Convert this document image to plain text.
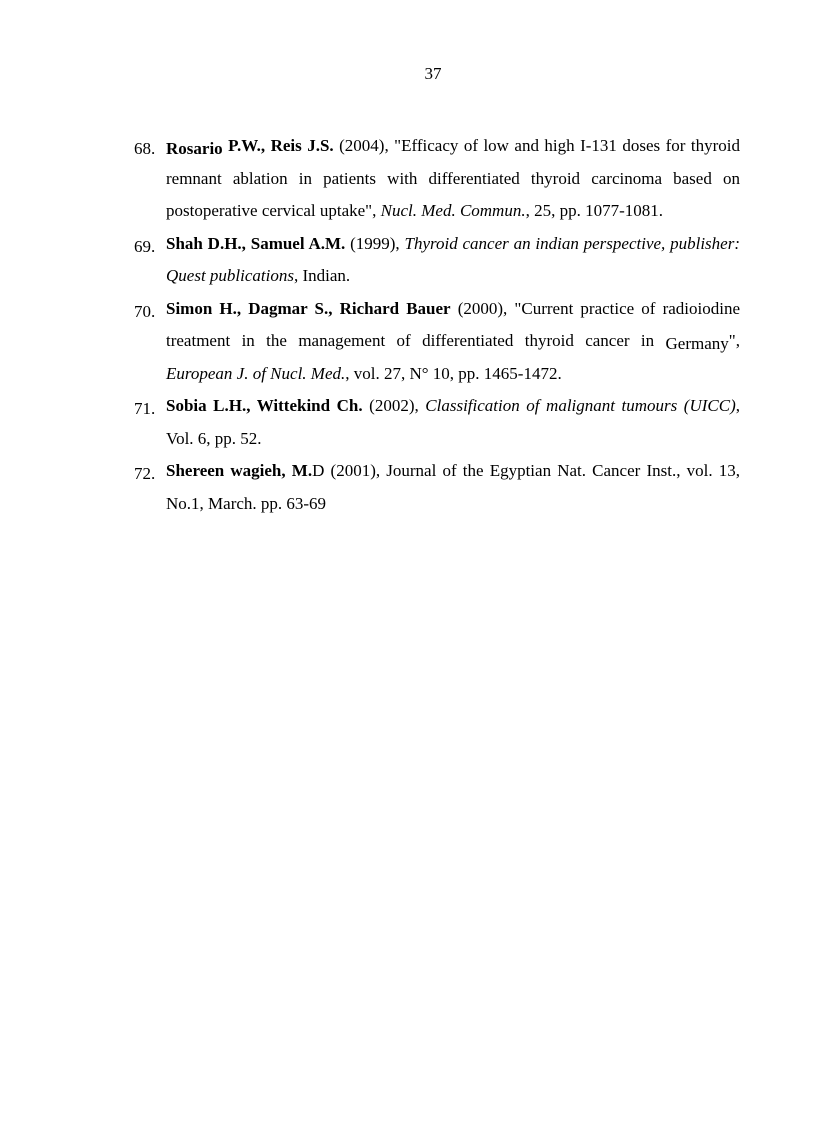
37
68. Rosario P.W., Reis J.S. (2004), "Efficacy of low and high I-131 doses for thyroid remnant ablation in patients with differentiated thyroid carcinoma based on postoperative cervical uptake", Nucl. Med. Commun., 25, pp. 1077-1081.
69. Shah D.H., Samuel A.M. (1999), Thyroid cancer an indian perspective, publisher: Quest publications, Indian.
70. Simon H., Dagmar S., Richard Bauer (2000), "Current practice of radioiodine treatment in the management of differentiated thyroid cancer in Germany", European J. of Nucl. Med., vol. 27, N° 10, pp. 1465-1472.
71. Sobia L.H., Wittekind Ch. (2002), Classification of malignant tumours (UICC), Vol. 6, pp. 52.
72. Shereen wagieh, M.D (2001), Journal of the Egyptian Nat. Cancer Inst., vol. 13, No.1, March. pp. 63-69
